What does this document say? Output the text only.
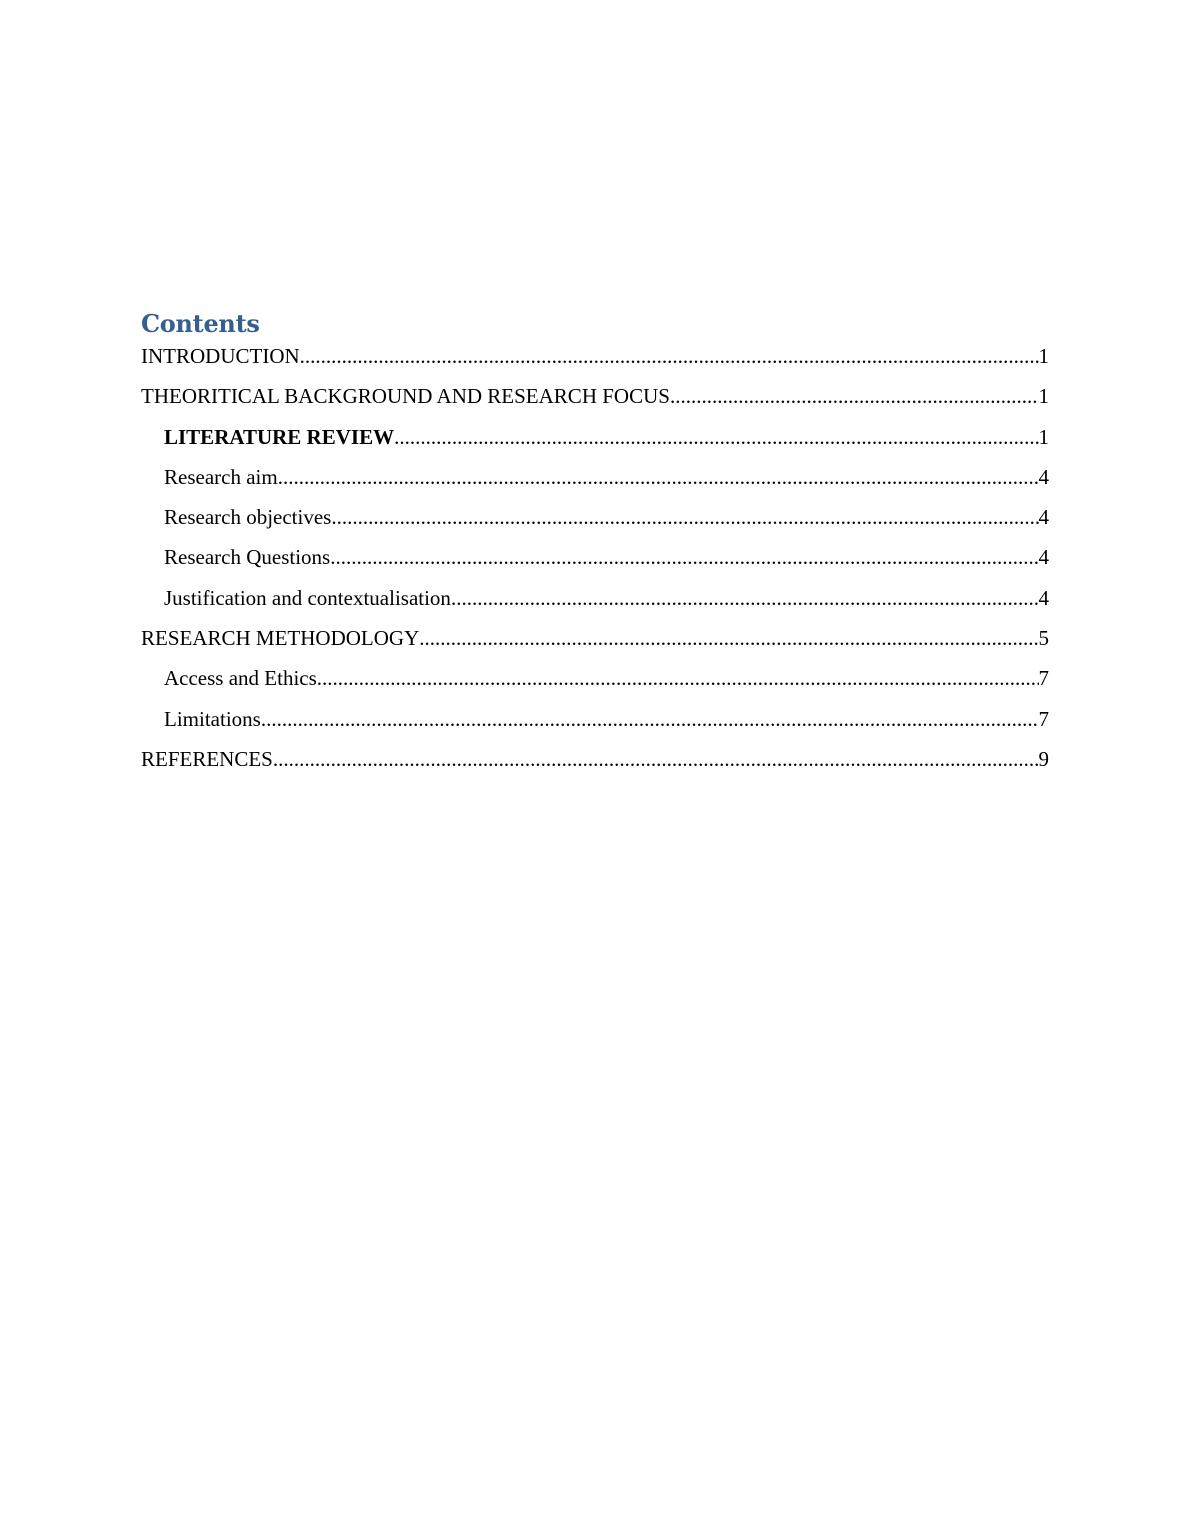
Contents
INTRODUCTION .....	1
THEORITICAL BACKGROUND AND RESEARCH FOCUS .....	1
LITERATURE REVIEW .....	1
Research aim .....	4
Research objectives .....	4
Research Questions .....	4
Justification and contextualisation .....	4
RESEARCH METHODOLOGY .....	5
Access and Ethics .....	7
Limitations .....	7
REFERENCES .....	9
